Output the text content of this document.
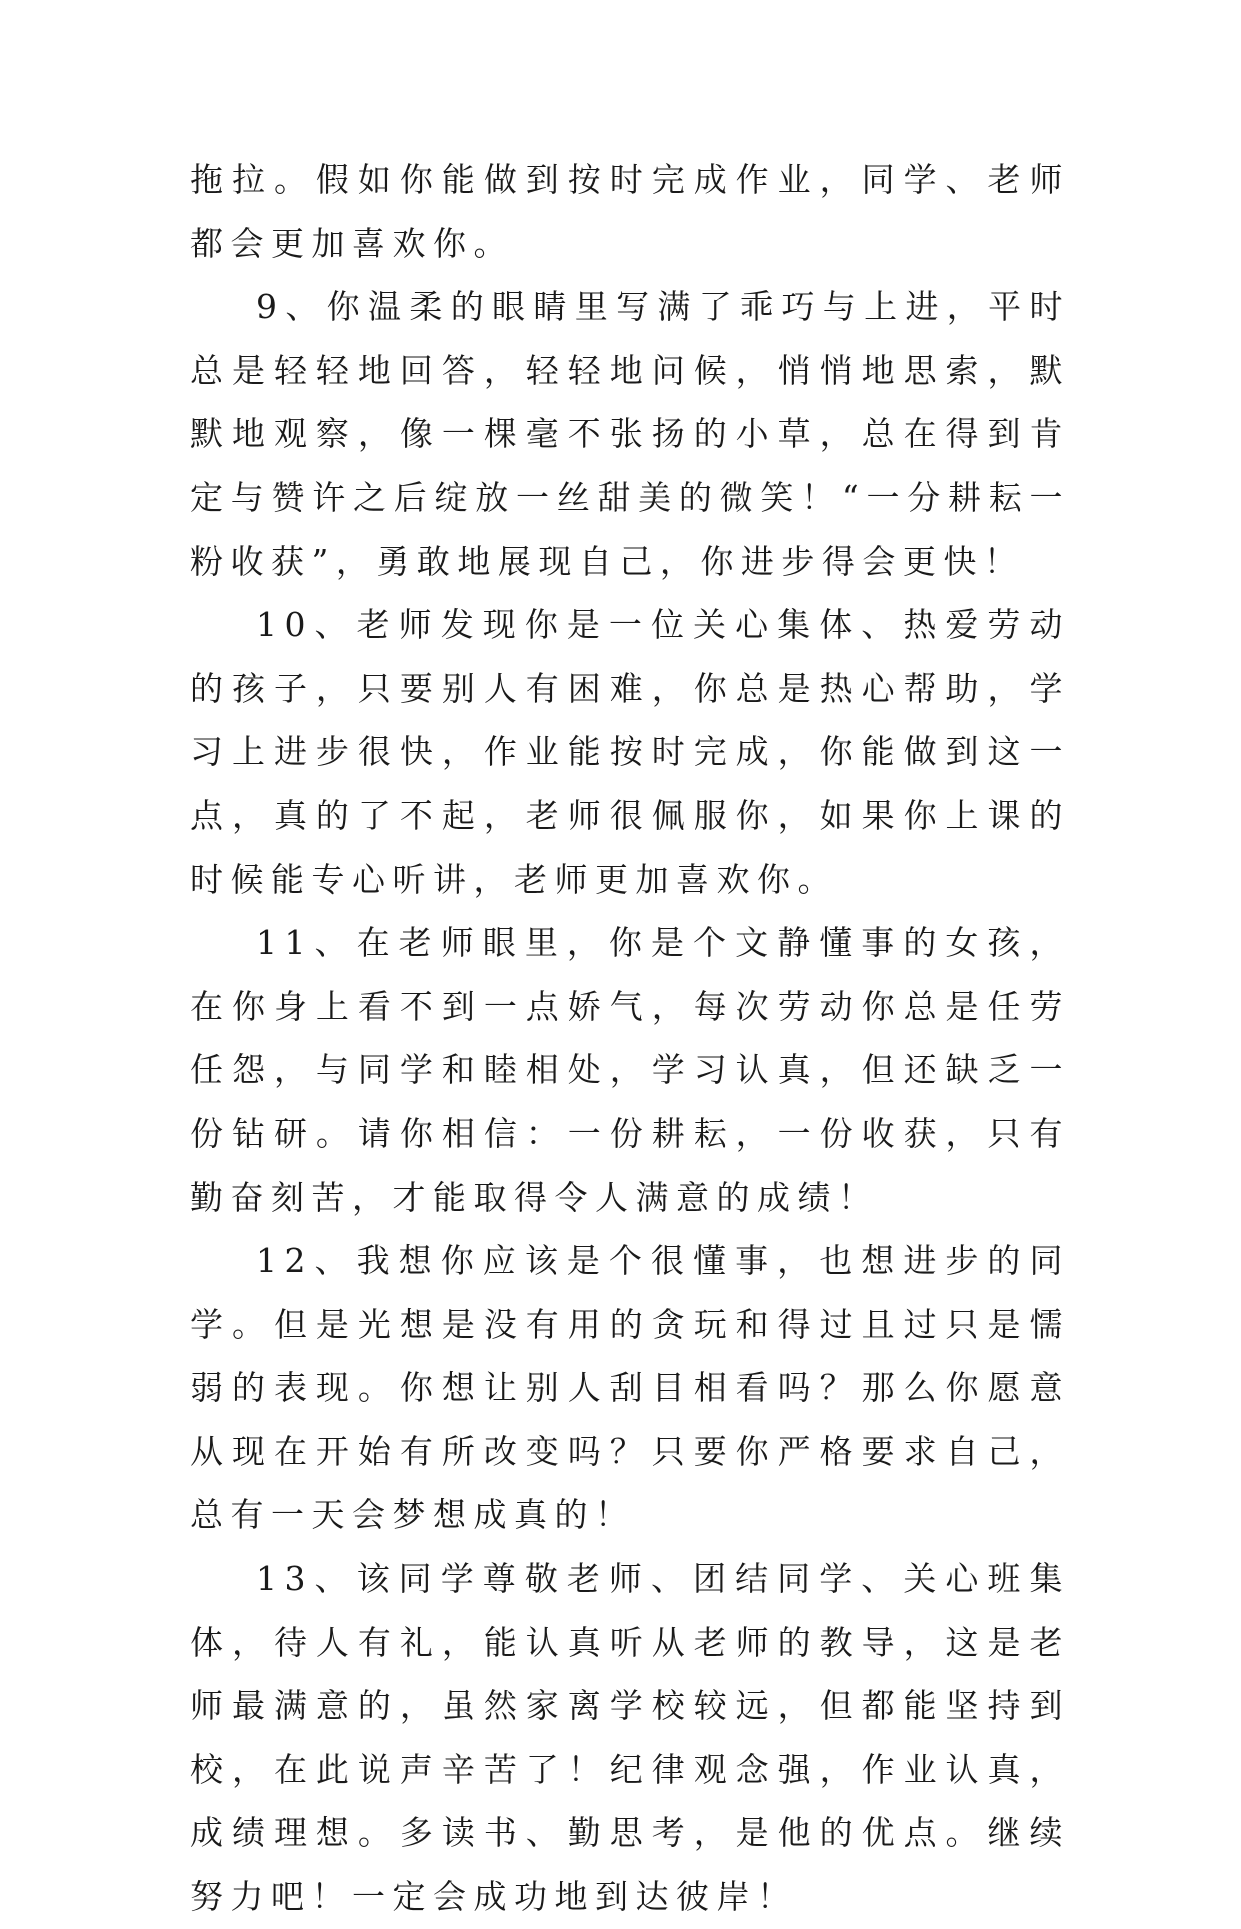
拖拉。假如你能做到按时完成作业，同学、老师都会更加喜欢你。

9、你温柔的眼睛里写满了乖巧与上进，平时总是轻轻地回答，轻轻地问候，悄悄地思索，默默地观察，像一棵毫不张扬的小草，总在得到肯定与赞许之后绽放一丝甜美的微笑！“一分耕耘一粉收获”，勇敢地展现自己，你进步得会更快！

10、老师发现你是一位关心集体、热爱劳动的孩子，只要别人有困难，你总是热心帮助，学习上进步很快，作业能按时完成，你能做到这一点，真的了不起，老师很佩服你，如果你上课的时候能专心听讲，老师更加喜欢你。

11、在老师眼里，你是个文静懂事的女孩，在你身上看不到一点娇气，每次劳动你总是任劳任怨，与同学和睦相处，学习认真，但还缺乏一份钻研。请你相信：一份耕耘，一份收获，只有勤奋刻苦，才能取得令人满意的成绩！

12、我想你应该是个很懂事，也想进步的同学。但是光想是没有用的贪玩和得过且过只是懦弱的表现。你想让别人刮目相看吗？那么你愿意从现在开始有所改变吗？只要你严格要求自己，总有一天会梦想成真的！

13、该同学尊敬老师、团结同学、关心班集体，待人有礼，能认真听从老师的教导，这是老师最满意的，虽然家离学校较远，但都能坚持到校，在此说声辛苦了！纪律观念强，作业认真，成绩理想。多读书、勤思考，是他的优点。继续努力吧！一定会成功地到达彼岸！
